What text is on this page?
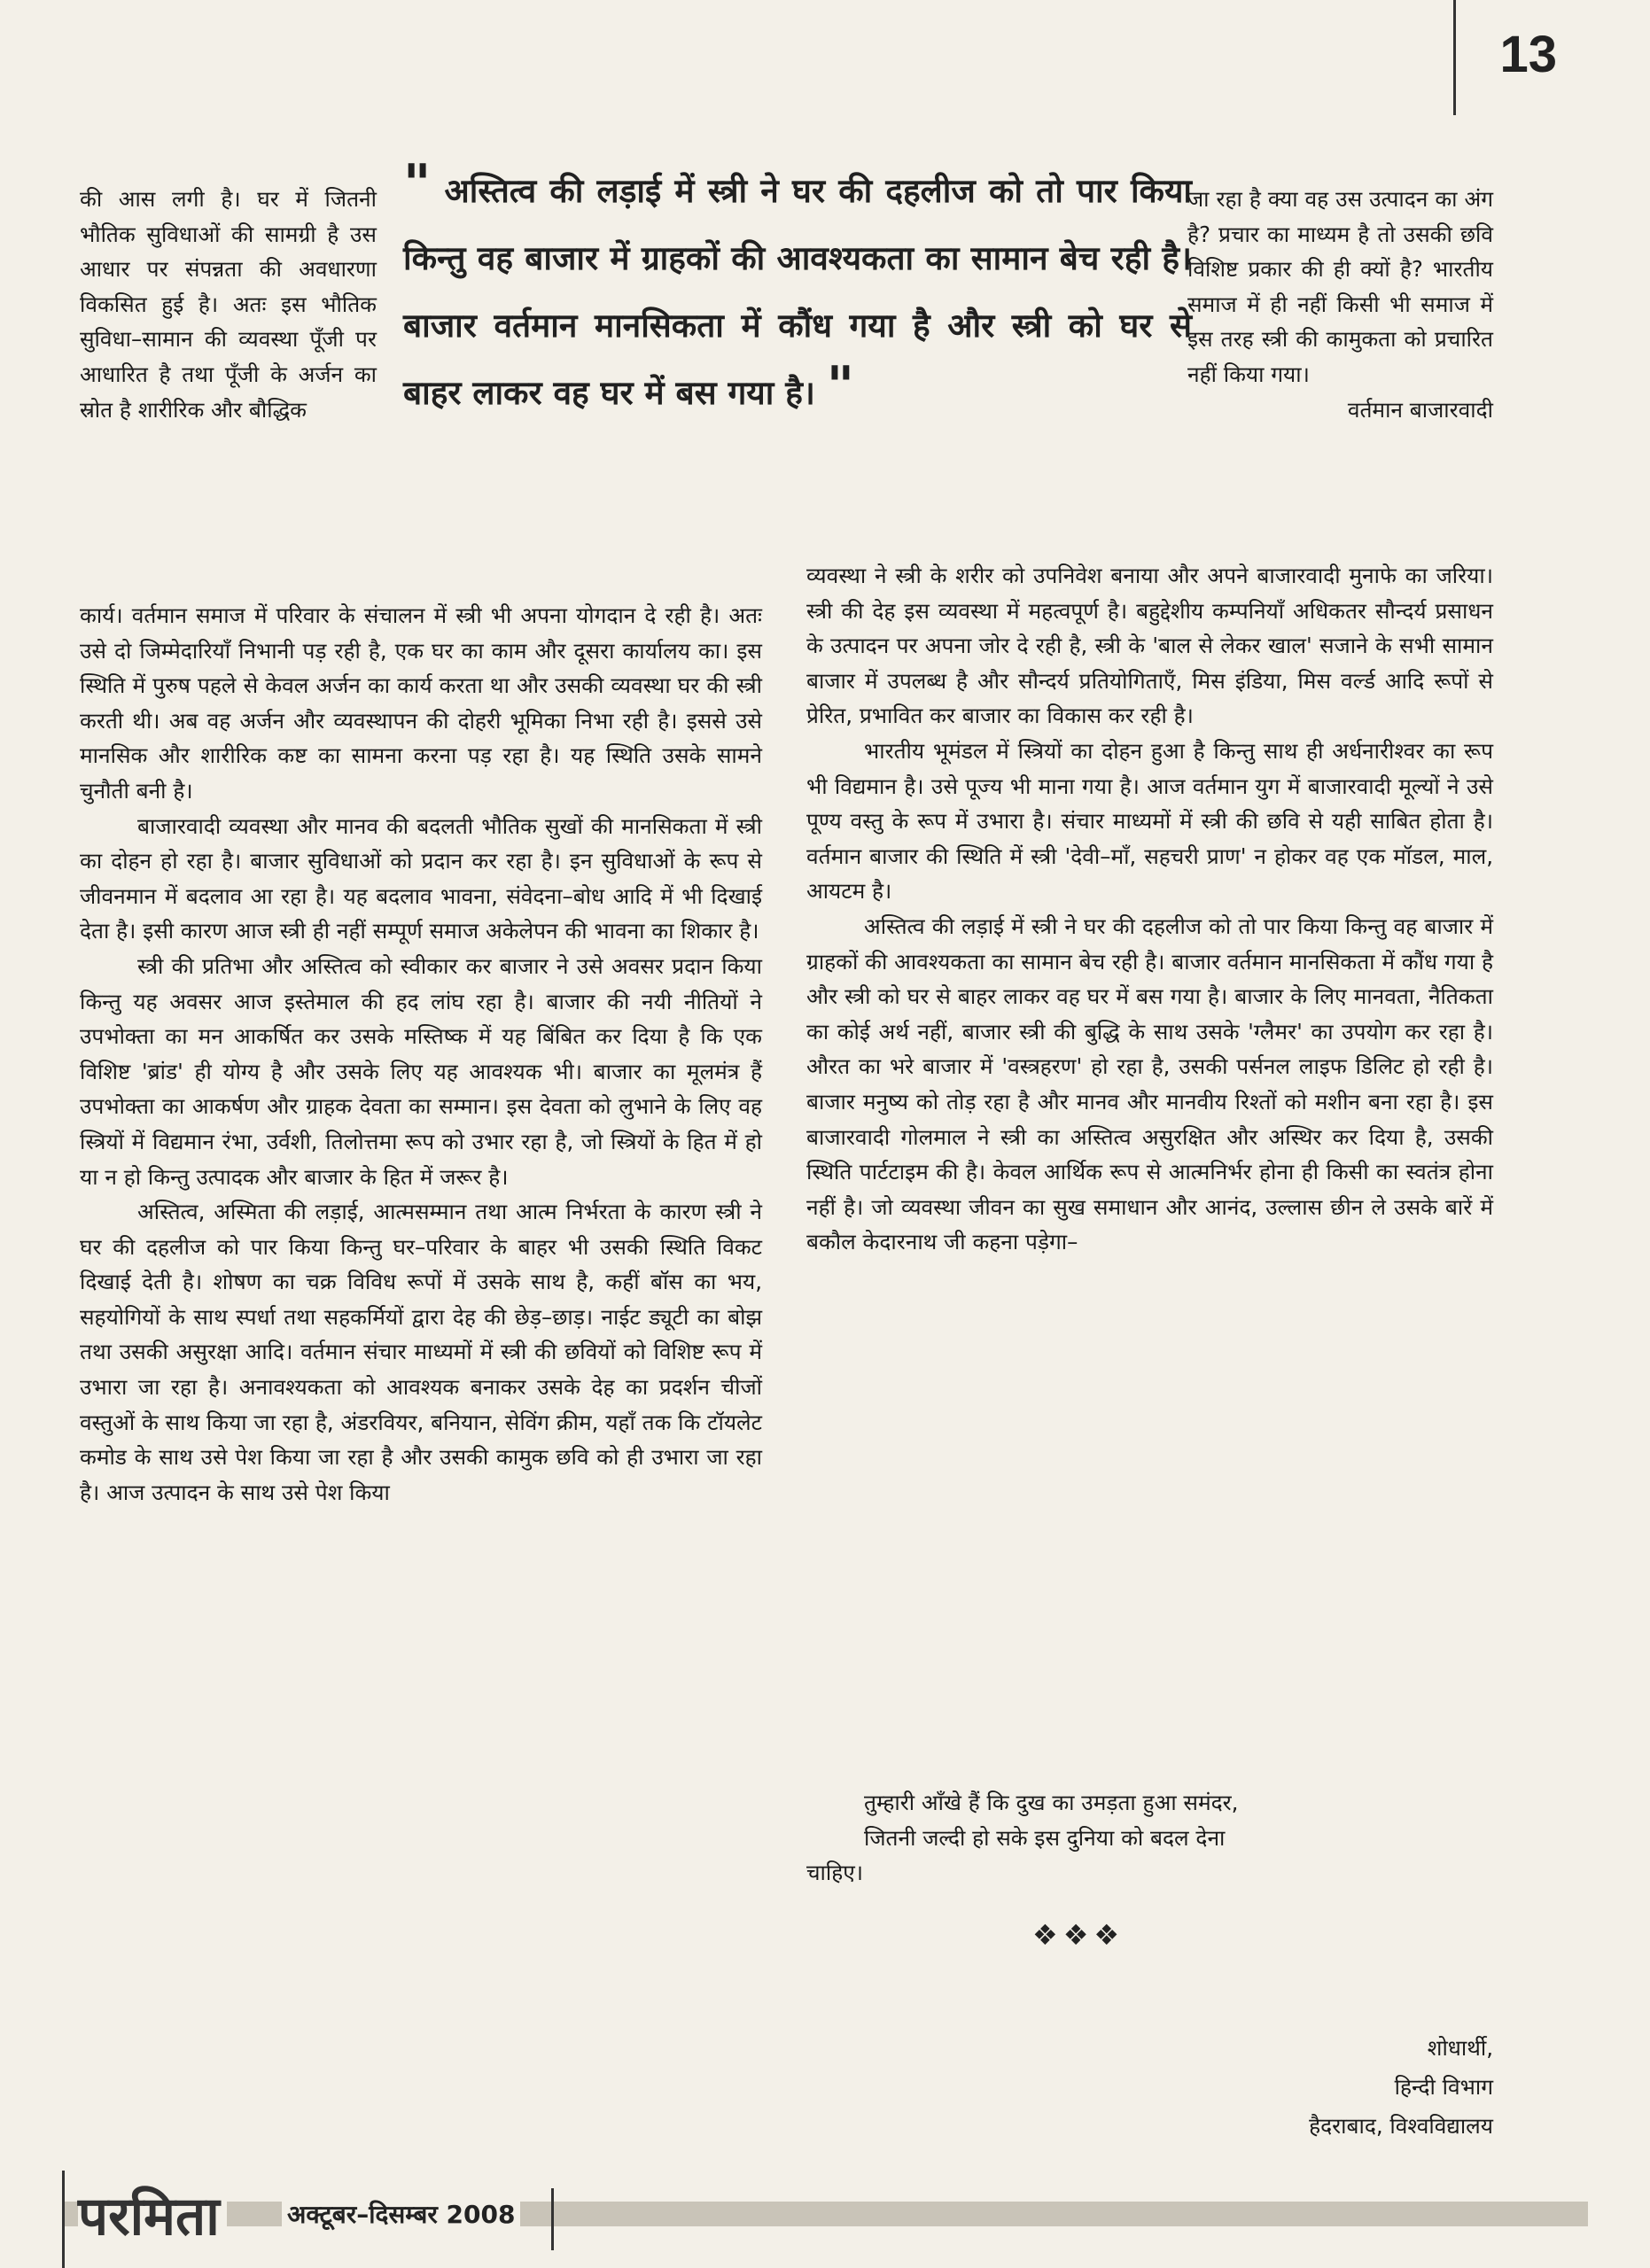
13
" अस्तित्व की लड़ाई में स्त्री ने घर की दहलीज को तो पार किया किन्तु वह बाजार में ग्राहकों की आवश्यकता का सामान बेच रही है। बाजार वर्तमान मानसिकता में कौंध गया है और स्त्री को घर से बाहर लाकर वह घर में बस गया है। "

की आस लगी है। घर में जितनी भौतिक सुविधाओं की सामग्री है उस आधार पर संपन्नता की अवधारणा विकसित हुई है। अतः इस भौतिक सुविधा–सामान की व्यवस्था पूँजी पर आधारित है तथा पूँजी के अर्जन का स्रोत है शारीरिक और बौद्धिक

कार्य। वर्तमान समाज में परिवार के संचालन में स्त्री भी अपना योगदान दे रही है। अतः उसे दो जिम्मेदारियाँ निभानी पड़ रही है, एक घर का काम और दूसरा कार्यालय का। इस स्थिति में पुरुष पहले से केवल अर्जन का कार्य करता था और उसकी व्यवस्था घर की स्त्री करती थी। अब वह अर्जन और व्यवस्थापन की दोहरी भूमिका निभा रही है। इससे उसे मानसिक और शारीरिक कष्ट का सामना करना पड़ रहा है। यह स्थिति उसके सामने चुनौती बनी है।

बाजारवादी व्यवस्था और मानव की बदलती भौतिक सुखों की मानसिकता में स्त्री का दोहन हो रहा है। बाजार सुविधाओं को प्रदान कर रहा है। इन सुविधाओं के रूप से जीवनमान में बदलाव आ रहा है। यह बदलाव भावना, संवेदना–बोध आदि में भी दिखाई देता है। इसी कारण आज स्त्री ही नहीं सम्पूर्ण समाज अकेलेपन की भावना का शिकार है।

स्त्री की प्रतिभा और अस्तित्व को स्वीकार कर बाजार ने उसे अवसर प्रदान किया किन्तु यह अवसर आज इस्तेमाल की हद लांघ रहा है। बाजार की नयी नीतियों ने उपभोक्ता का मन आकर्षित कर उसके मस्तिष्क में यह बिंबित कर दिया है कि एक विशिष्ट 'ब्रांड' ही योग्य है और उसके लिए यह आवश्यक भी। बाजार का मूलमंत्र हैं उपभोक्ता का आकर्षण और ग्राहक देवता का सम्मान। इस देवता को लुभाने के लिए वह स्त्रियों में विद्यमान रंभा, उर्वशी, तिलोत्तमा रूप को उभार रहा है, जो स्त्रियों के हित में हो या न हो किन्तु उत्पादक और बाजार के हित में जरूर है।

अस्तित्व, अस्मिता की लड़ाई, आत्मसम्मान तथा आत्म निर्भरता के कारण स्त्री ने घर की दहलीज को पार किया किन्तु घर–परिवार के बाहर भी उसकी स्थिति विकट दिखाई देती है। शोषण का चक्र विविध रूपों में उसके साथ है, कहीं बॉस का भय, सहयोगियों के साथ स्पर्धा तथा सहकर्मियों द्वारा देह की छेड़–छाड़। नाईट ड्यूटी का बोझ तथा उसकी असुरक्षा आदि। वर्तमान संचार माध्यमों में स्त्री की छवियों को विशिष्ट रूप में उभारा जा रहा है। अनावश्यकता को आवश्यक बनाकर उसके देह का प्रदर्शन चीजों वस्तुओं के साथ किया जा रहा है, अंडरवियर, बनियान, सेविंग क्रीम, यहाँ तक कि टॉयलेट कमोड के साथ उसे पेश किया जा रहा है और उसकी कामुक छवि को ही उभारा जा रहा है। आज उत्पादन के साथ उसे पेश किया

जा रहा है क्या वह उस उत्पादन का अंग है? प्रचार का माध्यम है तो उसकी छवि विशिष्ट प्रकार की ही क्यों है? भारतीय समाज में ही नहीं किसी भी समाज में इस तरह स्त्री की कामुकता को प्रचारित नहीं किया गया।

वर्तमान बाजारवादी

व्यवस्था ने स्त्री के शरीर को उपनिवेश बनाया और अपने बाजारवादी मुनाफे का जरिया। स्त्री की देह इस व्यवस्था में महत्वपूर्ण है। बहुद्देशीय कम्पनियाँ अधिकतर सौन्दर्य प्रसाधन के उत्पादन पर अपना जोर दे रही है, स्त्री के 'बाल से लेकर खाल' सजाने के सभी सामान बाजार में उपलब्ध है और सौन्दर्य प्रतियोगिताएँ, मिस इंडिया, मिस वर्ल्ड आदि रूपों से प्रेरित, प्रभावित कर बाजार का विकास कर रही है।

भारतीय भूमंडल में स्त्रियों का दोहन हुआ है किन्तु साथ ही अर्धनारीश्वर का रूप भी विद्यमान है। उसे पूज्य भी माना गया है। आज वर्तमान युग में बाजारवादी मूल्यों ने उसे पूण्य वस्तु के रूप में उभारा है। संचार माध्यमों में स्त्री की छवि से यही साबित होता है। वर्तमान बाजार की स्थिति में स्त्री 'देवी–माँ, सहचरी प्राण' न होकर वह एक मॉडल, माल, आयटम है।

अस्तित्व की लड़ाई में स्त्री ने घर की दहलीज को तो पार किया किन्तु वह बाजार में ग्राहकों की आवश्यकता का सामान बेच रही है। बाजार वर्तमान मानसिकता में कौंध गया है और स्त्री को घर से बाहर लाकर वह घर में बस गया है। बाजार के लिए मानवता, नैतिकता का कोई अर्थ नहीं, बाजार स्त्री की बुद्धि के साथ उसके 'ग्लैमर' का उपयोग कर रहा है। औरत का भरे बाजार में 'वस्त्रहरण' हो रहा है, उसकी पर्सनल लाइफ डिलिट हो रही है। बाजार मनुष्य को तोड़ रहा है और मानव और मानवीय रिश्तों को मशीन बना रहा है। इस बाजारवादी गोलमाल ने स्त्री का अस्तित्व असुरक्षित और अस्थिर कर दिया है, उसकी स्थिति पार्टटाइम की है। केवल आर्थिक रूप से आत्मनिर्भर होना ही किसी का स्वतंत्र होना नहीं है। जो व्यवस्था जीवन का सुख समाधान और आनंद, उल्लास छीन ले उसके बारें में बकौल केदारनाथ जी कहना पड़ेगा–

तुम्हारी आँखे हैं कि दुख का उमड़ता हुआ समंदर,
जितनी जल्दी हो सके इस दुनिया को बदल देना
चाहिए।
❖❖❖
शोधार्थी,
हिन्दी विभाग
हैदराबाद, विश्वविद्यालय
परमिता	अक्टूबर–दिसम्बर 2008
